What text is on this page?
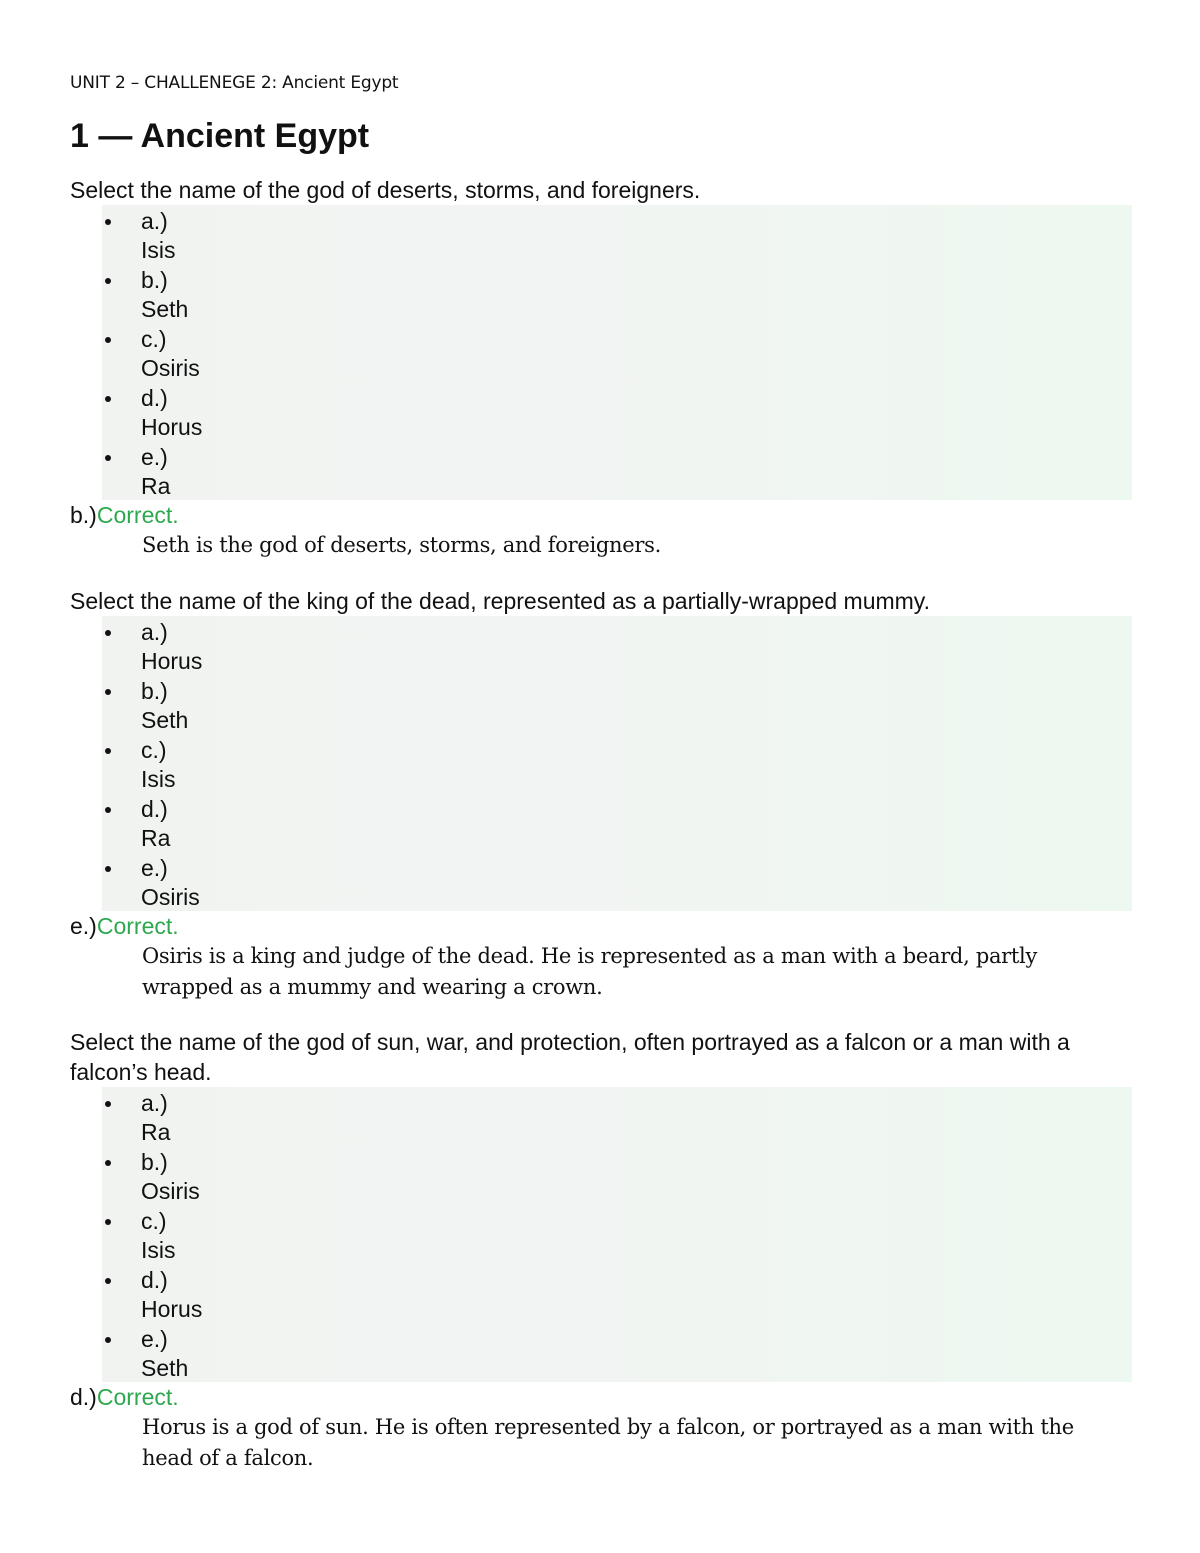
UNIT 2 – CHALLENEGE 2: Ancient Egypt
1 — Ancient Egypt

Select the name of the god of deserts, storms, and foreigners.

a.)
Isis
b.)
Seth
c.)
Osiris
d.)
Horus
e.)
Ra

b.)Correct.

Seth is the god of deserts, storms, and foreigners.

Select the name of the king of the dead, represented as a partially-wrapped mummy.

a.)
Horus
b.)
Seth
c.)
Isis
d.)
Ra
e.)
Osiris

e.)Correct.

Osiris is a king and judge of the dead. He is represented as a man with a beard, partly wrapped as a mummy and wearing a crown.

Select the name of the god of sun, war, and protection, often portrayed as a falcon or a man with a falcon’s head.

a.)
Ra
b.)
Osiris
c.)
Isis
d.)
Horus
e.)
Seth

d.)Correct.

Horus is a god of sun. He is often represented by a falcon, or portrayed as a man with the head of a falcon.
